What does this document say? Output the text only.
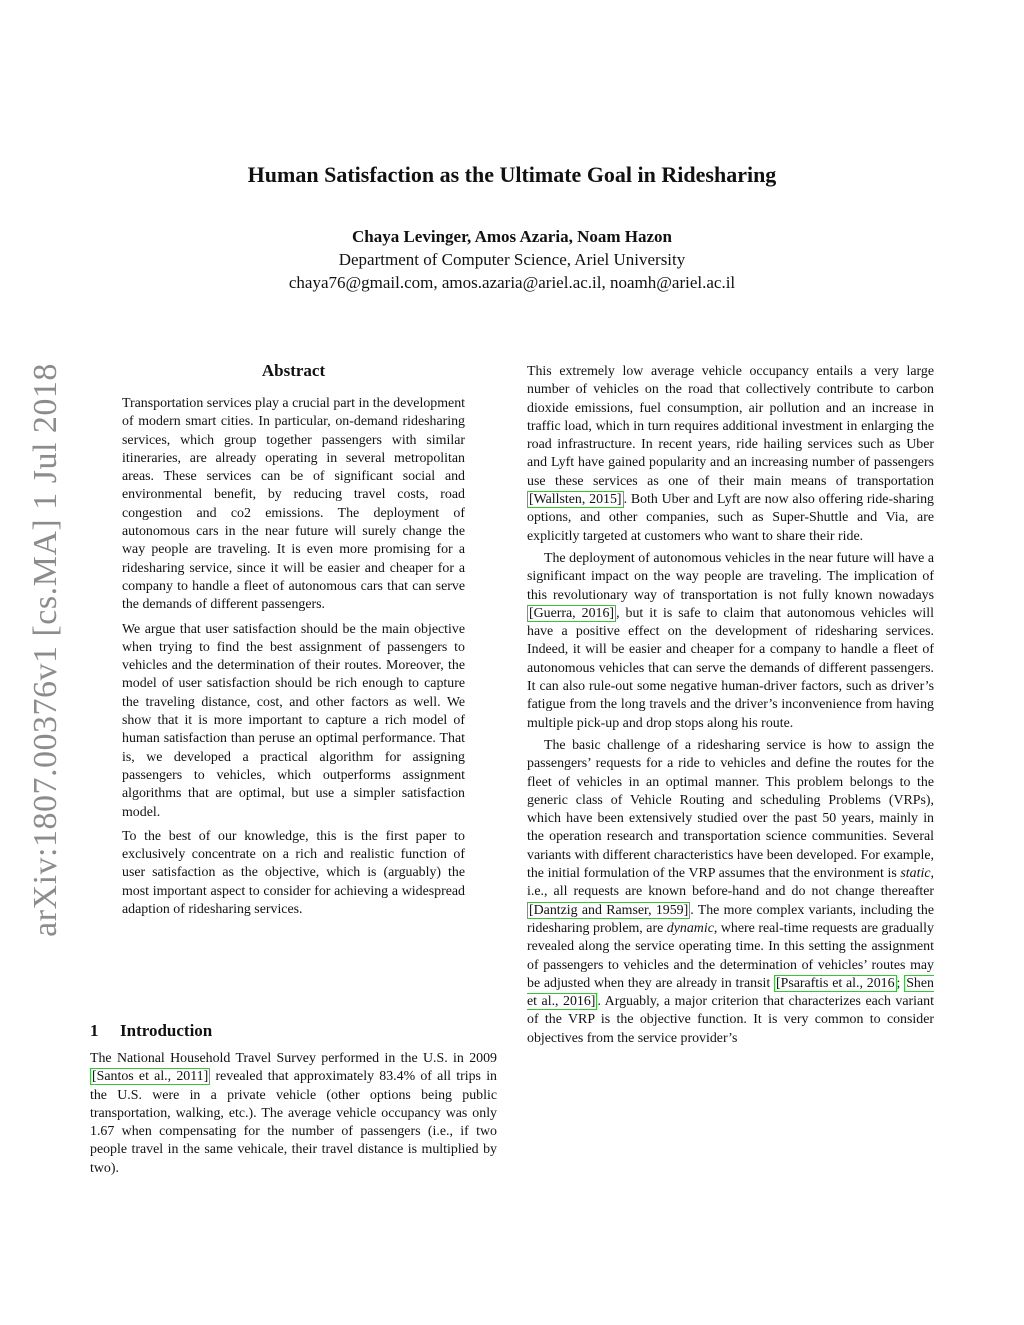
Human Satisfaction as the Ultimate Goal in Ridesharing
Chaya Levinger, Amos Azaria, Noam Hazon
Department of Computer Science, Ariel University
chaya76@gmail.com, amos.azaria@ariel.ac.il, noamh@ariel.ac.il
arXiv:1807.00376v1 [cs.MA] 1 Jul 2018	Abstract

Transportation services play a crucial part in the development of modern smart cities. In particular, on-demand ridesharing services, which group together passengers with similar itineraries, are already operating in several metropolitan areas. These services can be of significant social and environmental benefit, by reducing travel costs, road congestion and co2 emissions. The deployment of autonomous cars in the near future will surely change the way people are traveling. It is even more promising for a ridesharing service, since it will be easier and cheaper for a company to handle a fleet of autonomous cars that can serve the demands of different passengers.

We argue that user satisfaction should be the main objective when trying to find the best assignment of passengers to vehicles and the determination of their routes. Moreover, the model of user satisfaction should be rich enough to capture the traveling distance, cost, and other factors as well. We show that it is more important to capture a rich model of human satisfaction than peruse an optimal performance. That is, we developed a practical algorithm for assigning passengers to vehicles, which outperforms assignment algorithms that are optimal, but use a simpler satisfaction model.

To the best of our knowledge, this is the first paper to exclusively concentrate on a rich and realistic function of user satisfaction as the objective, which is (arguably) the most important aspect to consider for achieving a widespread adaption of ridesharing services.

1 Introduction

The National Household Travel Survey performed in the U.S. in 2009 [Santos et al., 2011] revealed that approximately 83.4% of all trips in the U.S. were in a private vehicle (other options being public transportation, walking, etc.). The average vehicle occupancy was only 1.67 when compensating for the number of passengers (i.e., if two people travel in the same vehicale, their travel distance is multiplied by two).

This extremely low average vehicle occupancy entails a very large number of vehicles on the road that collectively contribute to carbon dioxide emissions, fuel consumption, air pollution and an increase in traffic load, which in turn requires additional investment in enlarging the road infrastructure. In recent years, ride hailing services such as Uber and Lyft have gained popularity and an increasing number of passengers use these services as one of their main means of transportation [Wallsten, 2015] . Both Uber and Lyft are now also offering ride-sharing options, and other companies, such as Super-Shuttle and Via, are explicitly targeted at customers who want to share their ride.

The deployment of autonomous vehicles in the near future will have a significant impact on the way people are traveling. The implication of this revolutionary way of transportation is not fully known nowadays [Guerra, 2016] , but it is safe to claim that autonomous vehicles will have a positive effect on the development of ridesharing services. Indeed, it will be easier and cheaper for a company to handle a fleet of autonomous vehicles that can serve the demands of different passengers. It can also rule-out some negative human-driver factors, such as driver’s fatigue from the long travels and the driver’s inconvenience from having multiple pick-up and drop stops along his route.

The basic challenge of a ridesharing service is how to assign the passengers’ requests for a ride to vehicles and define the routes for the fleet of vehicles in an optimal manner. This problem belongs to the generic class of Vehicle Routing and scheduling Problems (VRPs), which have been extensively studied over the past 50 years, mainly in the operation research and transportation science communities. Several variants with different characteristics have been developed. For example, the initial formulation of the VRP assumes that the environment is static, i.e., all requests are known before-hand and do not change thereafter [Dantzig and Ramser, 1959] . The more complex variants, including the ridesharing problem, are dynamic, where real-time requests are gradually revealed along the service operating time. In this setting the assignment of passengers to vehicles and the determination of vehicles’ routes may be adjusted when they are already in transit [Psaraftis et al., 2016 ; Shen et al., 2016] . Arguably, a major criterion that characterizes each variant of the VRP is the objective function. It is very common to consider objectives from the service provider’s
